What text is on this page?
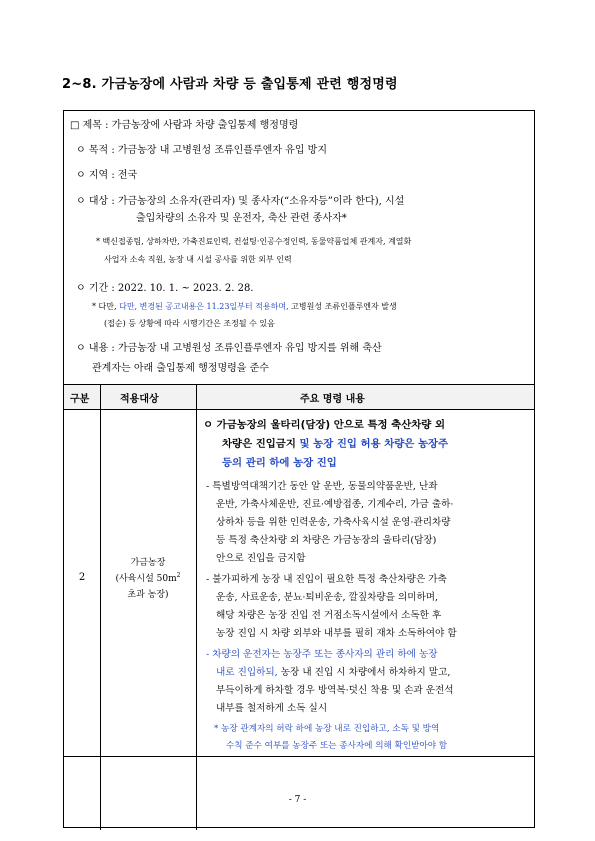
2~8. 가금농장에 사람과 차량 등 출입통제 관련 행정명령
□ 제목 : 가금농장에 사람과 차량 출입통제 행정명령
ㅇ 목적 : 가금농장 내 고병원성 조류인플루엔자 유입 방지
ㅇ 지역 : 전국
ㅇ 대상 : 가금농장의 소유자(관리자) 및 종사자(“소유자등”이라 한다), 시설
출입차량의 소유자 및 운전자, 축산 관련 종사자*
* 백신접종팀, 상하차반, 가축진료인력, 컨설팅·인공수정인력, 동물약품업체 관계자, 계열화
사업자 소속 직원, 농장 내 시설 공사를 위한 외부 인력
ㅇ 기간 : 2022. 10. 1. ~ 2023. 2. 28.
* 다만, 다만, 변경된 공고내용은 11.23일부터 적용하며, 고병원성 조류인플루엔자 발생
(접순) 등 상황에 따라 시행기간은 조정될 수 있음
ㅇ 내용 : 가금농장 내 고병원성 조류인플루엔자 유입 방지를 위해 축산
관계자는 아래 출입통제 행정명령을 준수
구분	적용대상	주요 명령 내용
2
가금농장
(사육시설 $50m^2$
초과 농장)
ㅇ 가금농장의 울타리(담장) 안으로 특정 축산차량 외
차량은 진입금지 및 농장 진입 허용 차량은 농장주
등의 관리 하에 농장 진입
- 특별방역대책기간 동안 알 운반, 동물의약품운반, 난좌
운반, 가축사체운반, 진료·예방접종, 기계수리, 가금 출하·
상하차 등을 위한 인력운송, 가축사육시설 운영·관리차량
등 특정 축산차량 외 차량은 가금농장의 울타리(담장)
안으로 진입을 금지함
- 불가피하게 농장 내 진입이 필요한 특정 축산차량은 가축
운송, 사료운송, 분뇨·퇴비운송, 깔짚차량을 의미하며,
해당 차량은 농장 진입 전 거점소독시설에서 소독한 후
농장 진입 시 차량 외부와 내부를 필히 재차 소독하여야 함
- 차량의 운전자는 농장주 또는 종사자의 관리 하에 농장
내로 진입하되, 농장 내 진입 시 차량에서 하차하지 말고,
부득이하게 하차할 경우 방역복·덧신 착용 및 손과 운전석
내부를 철저하게 소독 실시
* 농장 관계자의 허락 하에 농장 내로 진입하고, 소독 및 방역
수칙 준수 여부를 농장주 또는 종사자에 의해 확인받아야 함
- 7 -
